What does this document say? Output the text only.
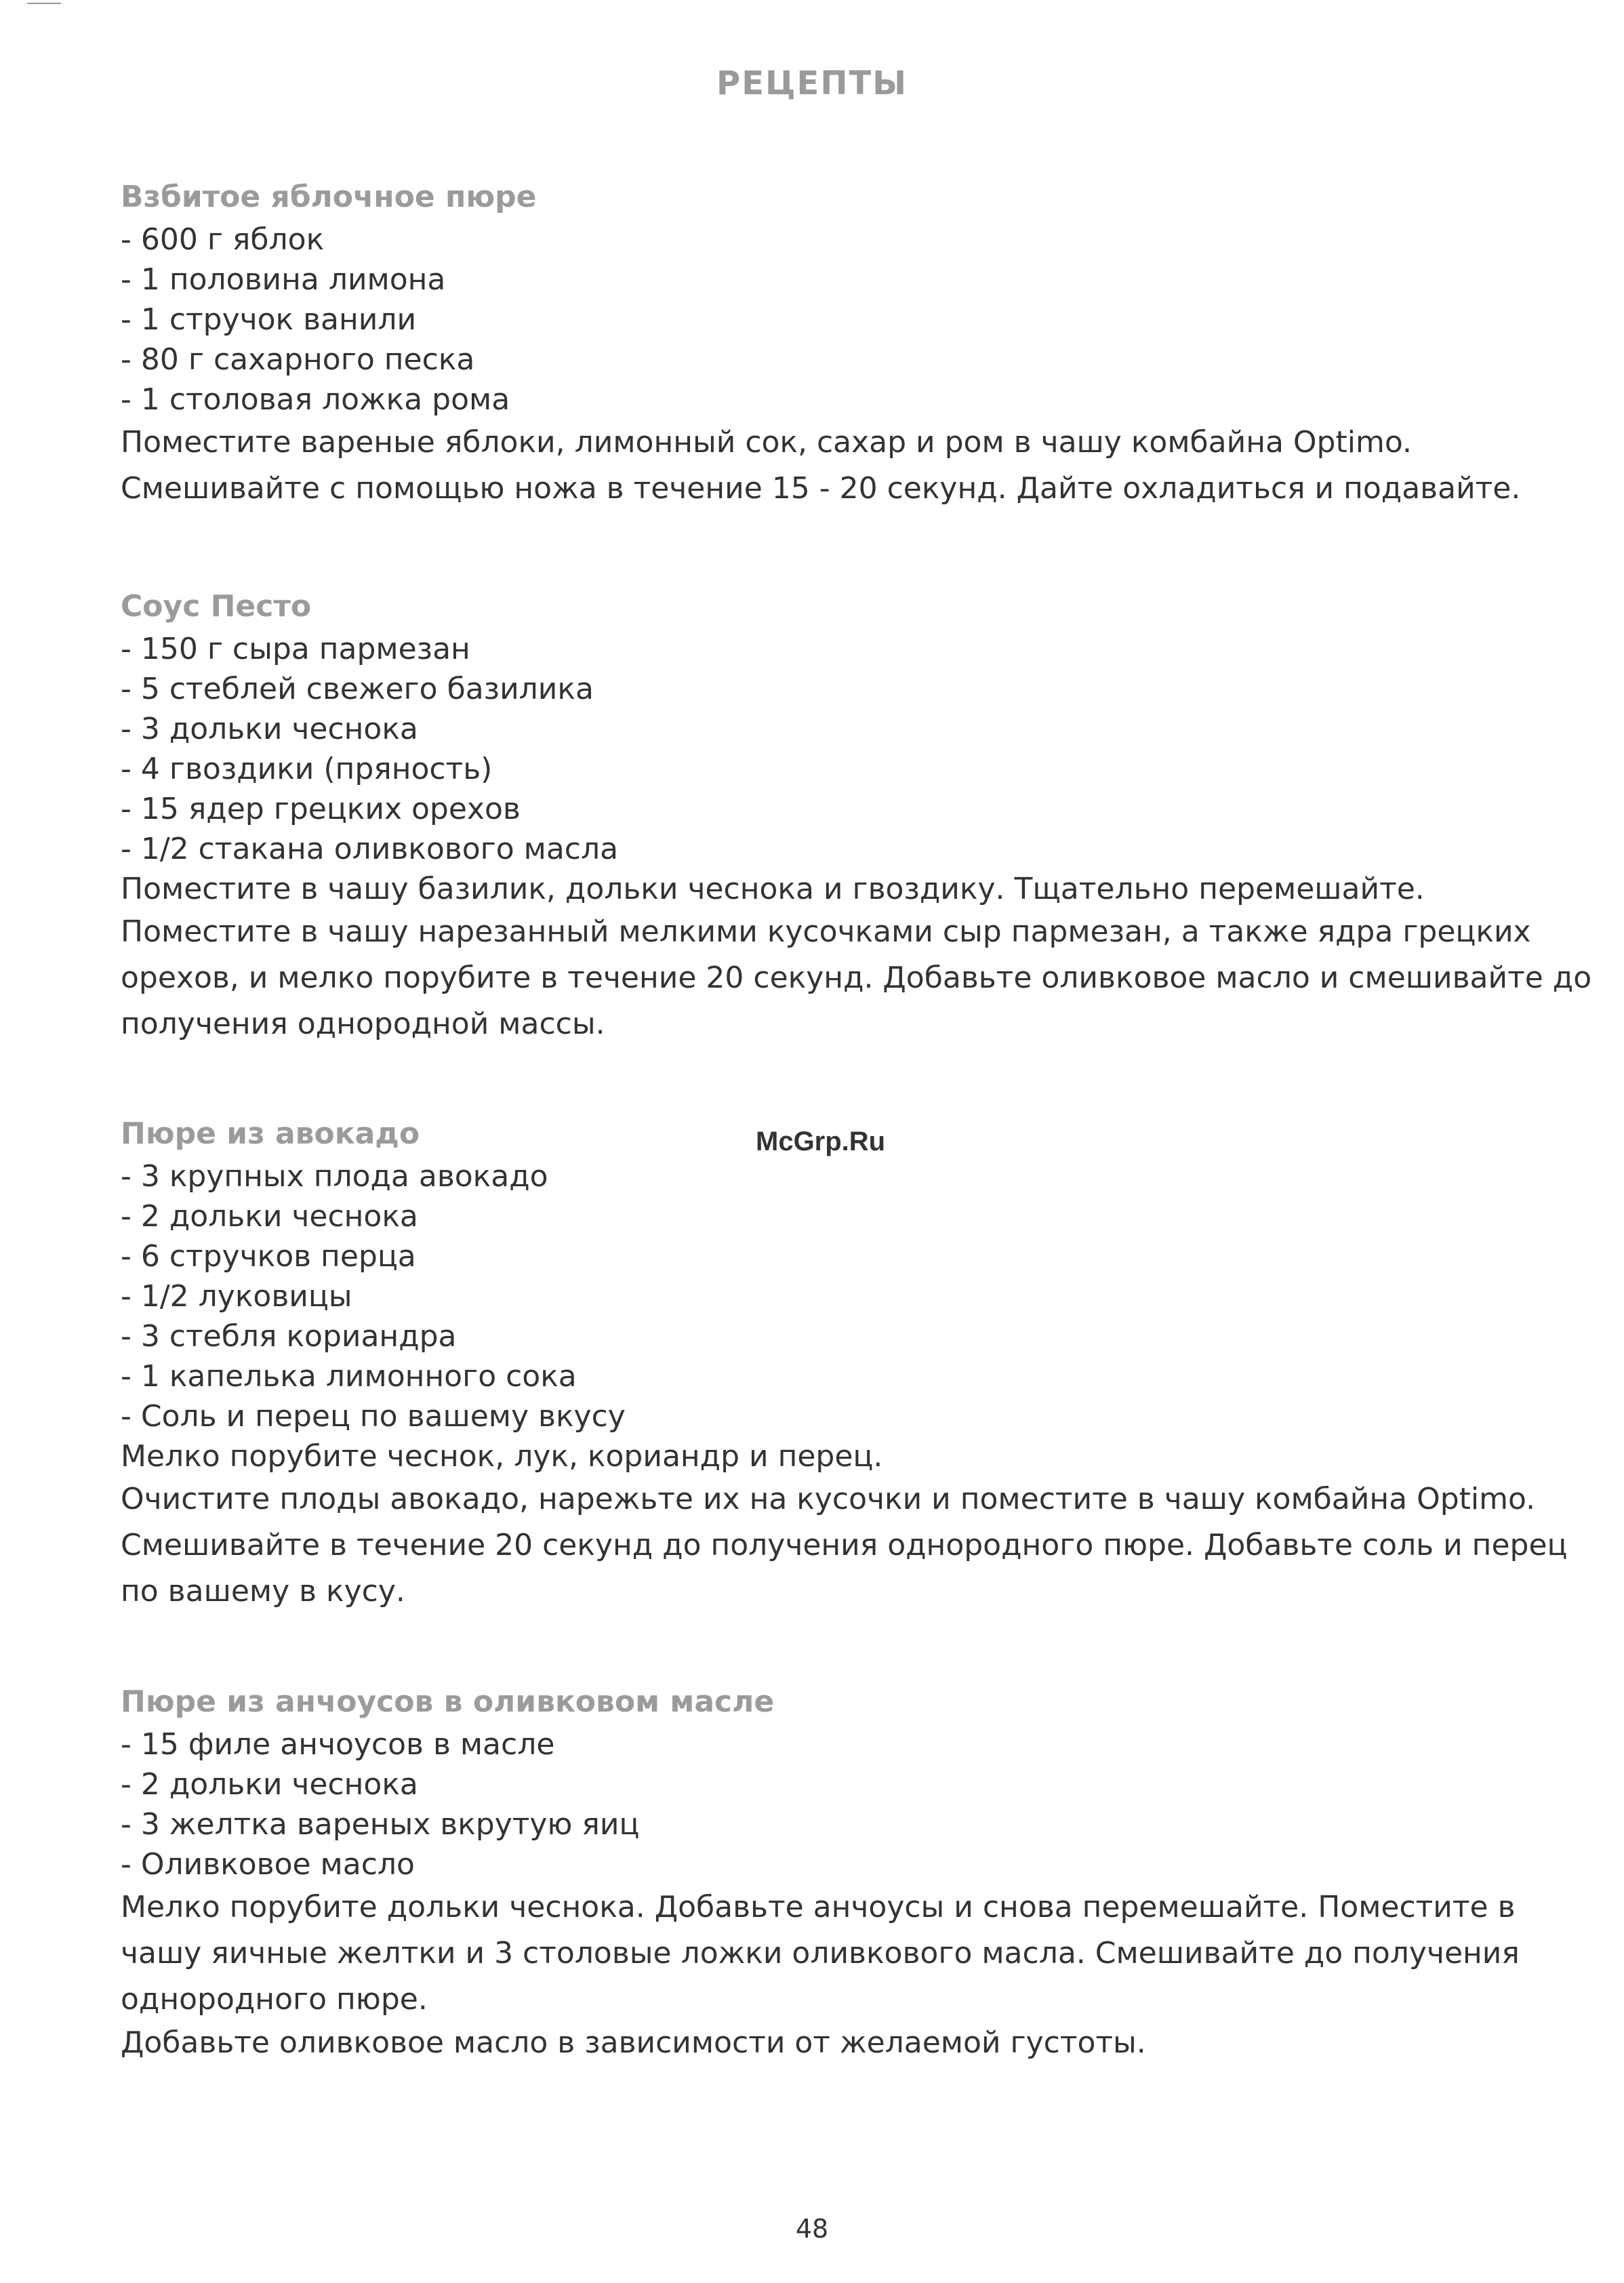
РЕЦЕПТЫ
McGrp.Ru
Взбитое яблочное пюре
- 600 г яблок
- 1 половина лимона
- 1 стручок ванили
- 80 г сахарного песка
- 1 столовая ложка рома

Поместите вареные яблоки, лимонный сок, сахар и ром в чашу комбайна Optimo. Смешивайте с помощью ножа в течение 15 - 20 секунд. Дайте охладиться и подавайте.

Соус Песто
- 150 г сыра пармезан
- 5 стеблей свежего базилика
- 3 дольки чеснока
- 4 гвоздики (пряность)
- 15 ядер грецких орехов
- 1/2 стакана оливкового масла

Поместите в чашу базилик, дольки чеснока и гвоздику. Тщательно перемешайте.

Поместите в чашу нарезанный мелкими кусочками сыр пармезан, а также ядра грецких орехов, и мелко порубите в течение 20 секунд. Добавьте оливковое масло и смешивайте до получения однородной массы.

Пюре из авокадо
- 3 крупных плода авокадо
- 2 дольки чеснока
- 6 стручков перца
- 1/2 луковицы
- 3 стебля кориандра
- 1 капелька лимонного сока
- Соль и перец по вашему вкусу

Мелко порубите чеснок, лук, кориандр и перец.

Очистите плоды авокадо, нарежьте их на кусочки и поместите в чашу комбайна Optimo. Смешивайте в течение 20 секунд до получения однородного пюре. Добавьте соль и перец по вашему в кусу.

Пюре из анчоусов в оливковом масле
- 15 филе анчоусов в масле
- 2 дольки чеснока
- 3 желтка вареных вкрутую яиц
- Оливковое масло

Мелко порубите дольки чеснока. Добавьте анчоусы и снова перемешайте. Поместите в чашу яичные желтки и 3 столовые ложки оливкового масла. Смешивайте до получения однородного пюре.

Добавьте оливковое масло в зависимости от желаемой густоты.

48
